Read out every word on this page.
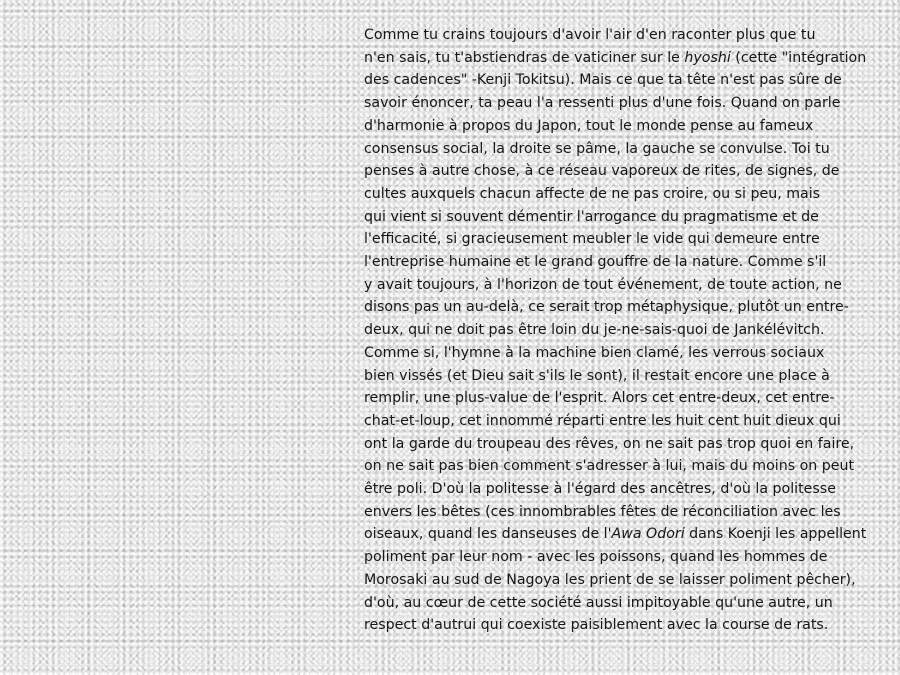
Comme tu crains toujours d'avoir l'air d'en raconter plus que tu
n'en sais, tu t'abstiendras de vaticiner sur le hyoshi (cette "intégration
des cadences" -Kenji Tokitsu). Mais ce que ta tête n'est pas sûre de
savoir énoncer, ta peau l'a ressenti plus d'une fois. Quand on parle
d'harmonie à propos du Japon, tout le monde pense au fameux
consensus social, la droite se pâme, la gauche se convulse. Toi tu
penses à autre chose, à ce réseau vaporeux de rites, de signes, de
cultes auxquels chacun affecte de ne pas croire, ou si peu, mais
qui vient si souvent démentir l'arrogance du pragmatisme et de
l'efficacité, si gracieusement meubler le vide qui demeure entre
l'entreprise humaine et le grand gouffre de la nature. Comme s'il
y avait toujours, à l'horizon de tout événement, de toute action, ne
disons pas un au-delà, ce serait trop métaphysique, plutôt un entre-
deux, qui ne doit pas être loin du je-ne-sais-quoi de Jankélévitch.
Comme si, l'hymne à la machine bien clamé, les verrous sociaux
bien vissés (et Dieu sait s'ils le sont), il restait encore une place à
remplir, une plus-value de l'esprit. Alors cet entre-deux, cet entre-
chat-et-loup, cet innommé réparti entre les huit cent huit dieux qui
ont la garde du troupeau des rêves, on ne sait pas trop quoi en faire,
on ne sait pas bien comment s'adresser à lui, mais du moins on peut
être poli. D'où la politesse à l'égard des ancêtres, d'où la politesse
envers les bêtes (ces innombrables fêtes de réconciliation avec les
oiseaux, quand les danseuses de l'Awa Odori dans Koenji les appellent
poliment par leur nom - avec les poissons, quand les hommes de
Morosaki au sud de Nagoya les prient de se laisser poliment pêcher),
d'où, au cœur de cette société aussi impitoyable qu'une autre, un
respect d'autrui qui coexiste paisiblement avec la course de rats.
